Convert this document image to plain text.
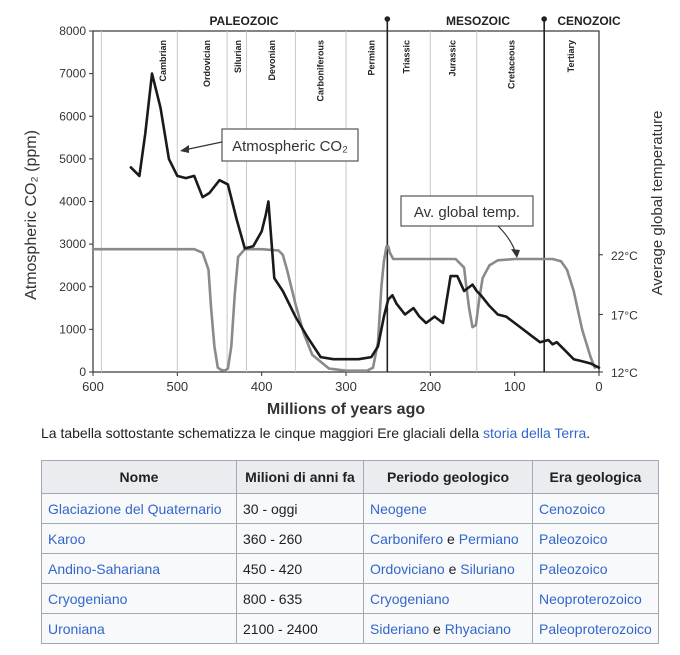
Cambrian	Ordovician Silurian	Devonian	Carboniferous	Permian	Triassic	Jurassic	Cretaceous	Tertiary
PALEOZOIC	MESOZOIC	CENOZOIC
600	500	400	300	200	100	0
0
1000
2000
3000
4000
5000
6000
7000
8000
22°C
17°C
12°C
Atmospheric CO₂
Av. global temp.
Millions of years ago
Atmospheric CO₂ (ppm)	Average global temperature
La tabella sottostante schematizza le cinque maggiori Ere glaciali della storia della Terra.
Nome	Milioni di anni fa	Periodo geologico	Era geologica
Glaciazione del Quaternario	30 - oggi	Neogene	Cenozoico
Karoo	360 - 260	Carbonifero e Permiano	Paleozoico
Andino-Sahariana	450 - 420	Ordoviciano e Siluriano	Paleozoico
Cryogeniano	800 - 635	Cryogeniano	Neoproterozoico
Uroniana	2100 - 2400	Sideriano e Rhyaciano	Paleoproterozoico
